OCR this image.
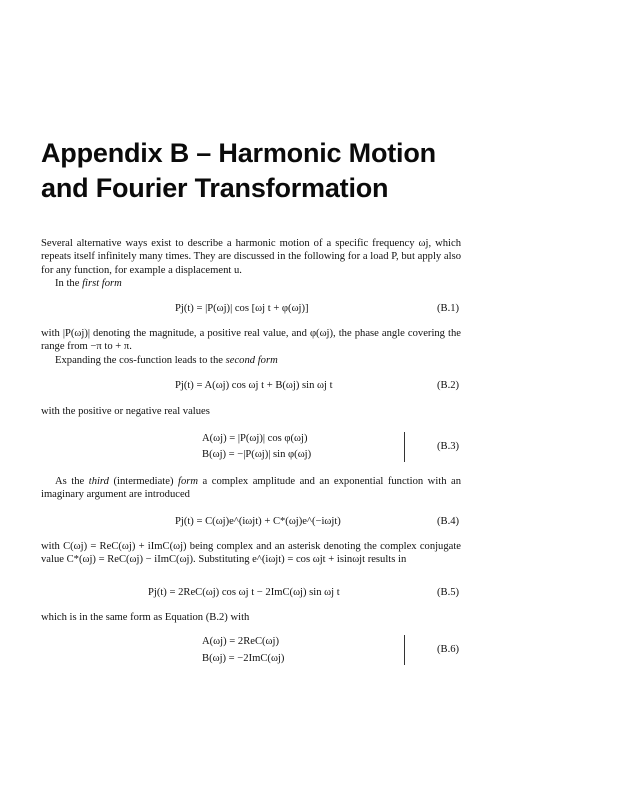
Appendix B – Harmonic Motion
and Fourier Transformation

Several alternative ways exist to describe a harmonic motion of a specific frequency ωj, which repeats itself infinitely many times. They are discussed in the following for a load P, but apply also for any function, for example a displacement u.

In the first form

Pj(t) = |P(ωj)| cos [ωj t + φ(ωj)]	(B.1)

with |P(ωj)| denoting the magnitude, a positive real value, and φ(ωj), the phase angle covering the range from −π to + π.

Expanding the cos-function leads to the second form

Pj(t) = A(ωj) cos ωj t + B(ωj) sin ωj t	(B.2)

with the positive or negative real values

A(ωj) = |P(ωj)| cos φ(ωj)
B(ωj) = −|P(ωj)| sin φ(ωj)
(B.3)

As the third (intermediate) form a complex amplitude and an exponential function with an imaginary argument are introduced

Pj(t) = C(ωj)e^(iωjt) + C*(ωj)e^(−iωjt)	(B.4)

with C(ωj) = ReC(ωj) + iImC(ωj) being complex and an asterisk denoting the complex conjugate value C*(ωj) = ReC(ωj) − iImC(ωj). Substituting e^(iωjt) = cos ωjt + isinωjt results in

Pj(t) = 2ReC(ωj) cos ωj t − 2ImC(ωj) sin ωj t	(B.5)

which is in the same form as Equation (B.2) with

A(ωj) = 2ReC(ωj)
B(ωj) = −2ImC(ωj)
(B.6)
